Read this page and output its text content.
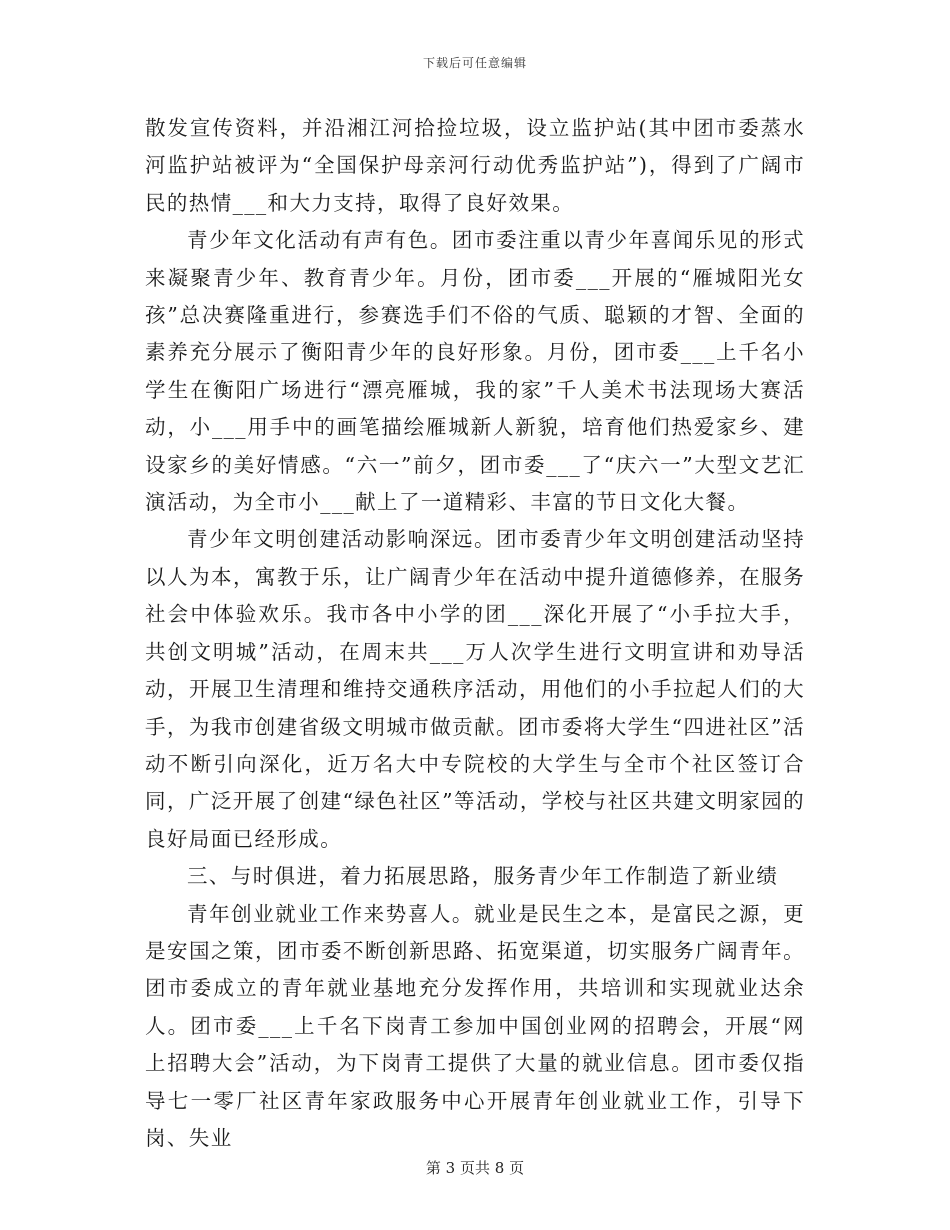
下载后可任意编辑

散发宣传资料，并沿湘江河拾捡垃圾，设立监护站(其中团市委蒸水河监护站被评为“全国保护母亲河行动优秀监护站”)，得到了广阔市民的热情___和大力支持，取得了良好效果。

青少年文化活动有声有色。团市委注重以青少年喜闻乐见的形式来凝聚青少年、教育青少年。月份，团市委___开展的“雁城阳光女孩”总决赛隆重进行，参赛选手们不俗的气质、聪颖的才智、全面的素养充分展示了衡阳青少年的良好形象。月份，团市委___上千名小学生在衡阳广场进行“漂亮雁城，我的家”千人美术书法现场大赛活动，小___用手中的画笔描绘雁城新人新貌，培育他们热爱家乡、建设家乡的美好情感。“六一”前夕，团市委___了“庆六一”大型文艺汇演活动，为全市小___献上了一道精彩、丰富的节日文化大餐。

青少年文明创建活动影响深远。团市委青少年文明创建活动坚持以人为本，寓教于乐，让广阔青少年在活动中提升道德修养，在服务社会中体验欢乐。我市各中小学的团___深化开展了“小手拉大手，共创文明城”活动，在周末共___万人次学生进行文明宣讲和劝导活动，开展卫生清理和维持交通秩序活动，用他们的小手拉起人们的大手，为我市创建省级文明城市做贡献。团市委将大学生“四进社区”活动不断引向深化，近万名大中专院校的大学生与全市个社区签订合同，广泛开展了创建“绿色社区”等活动，学校与社区共建文明家园的良好局面已经形成。

三、与时俱进，着力拓展思路，服务青少年工作制造了新业绩

青年创业就业工作来势喜人。就业是民生之本，是富民之源，更是安国之策，团市委不断创新思路、拓宽渠道，切实服务广阔青年。团市委成立的青年就业基地充分发挥作用，共培训和实现就业达余人。团市委___上千名下岗青工参加中国创业网的招聘会，开展“网上招聘大会”活动，为下岗青工提供了大量的就业信息。团市委仅指导七一零厂社区青年家政服务中心开展青年创业就业工作，引导下岗、失业

第 3 页共 8 页
